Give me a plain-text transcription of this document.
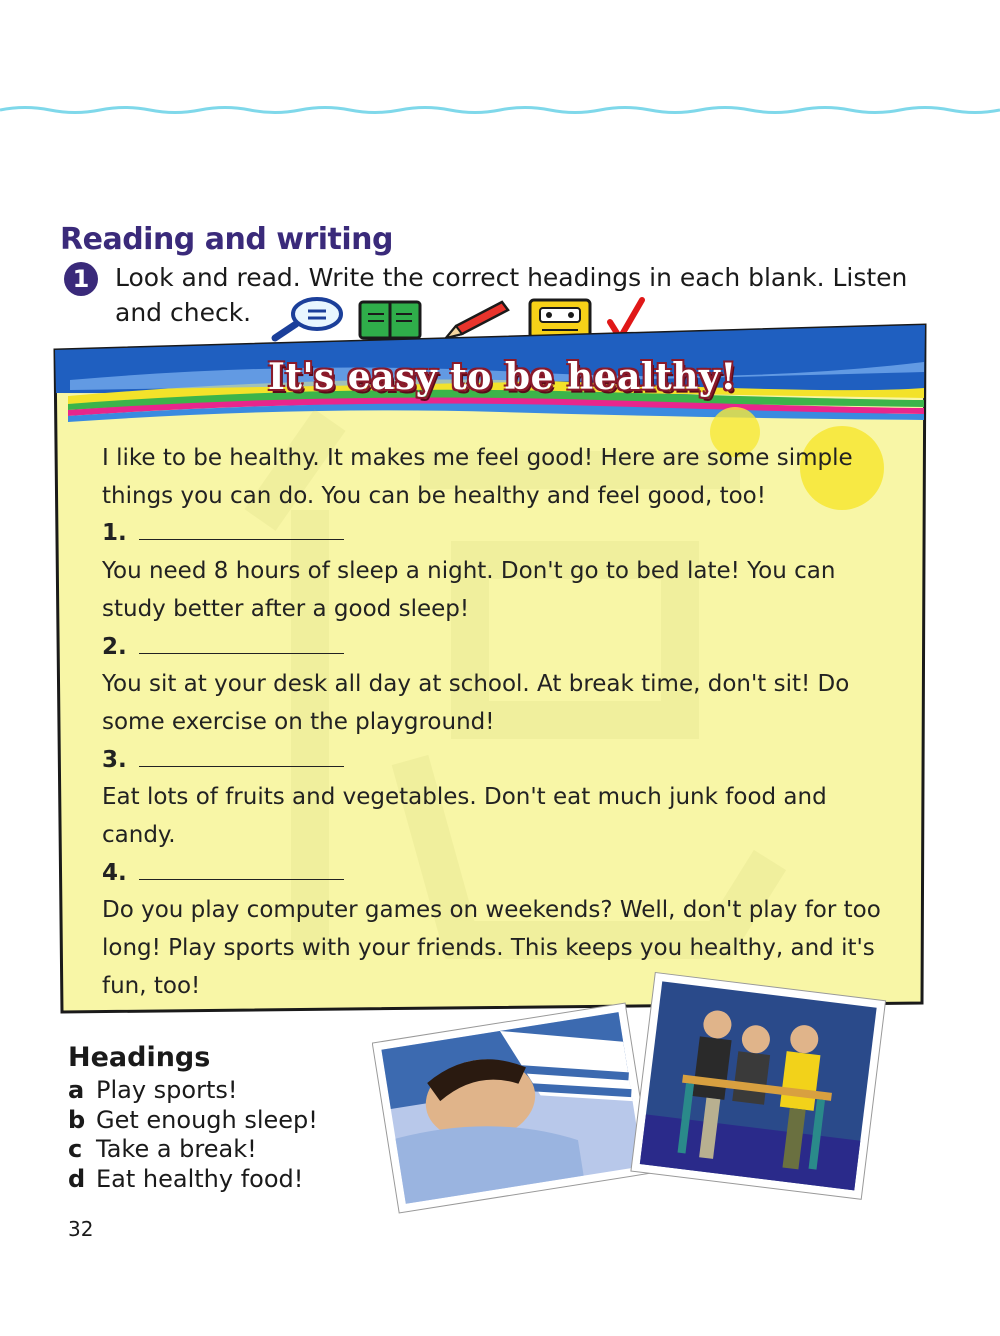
Reading and writing
1	Look and read. Write the correct headings in each blank. Listen and check.
It's easy to be healthy!

I like to be healthy. It makes me feel good! Here are some simple things you can do. You can be healthy and feel good, too!

1.

You need 8 hours of sleep a night. Don't go to bed late! You can study better after a good sleep!

2.

You sit at your desk all day at school. At break time, don't sit! Do some exercise on the playground!

3.

Eat lots of fruits and vegetables. Don't eat much junk food and candy.

4.

Do you play computer games on weekends? Well, don't play for too long! Play sports with your friends. This keeps you healthy, and it's fun, too!

Headings
a Play sports!
b Get enough sleep!
c Take a break!
d Eat healthy food!
32
